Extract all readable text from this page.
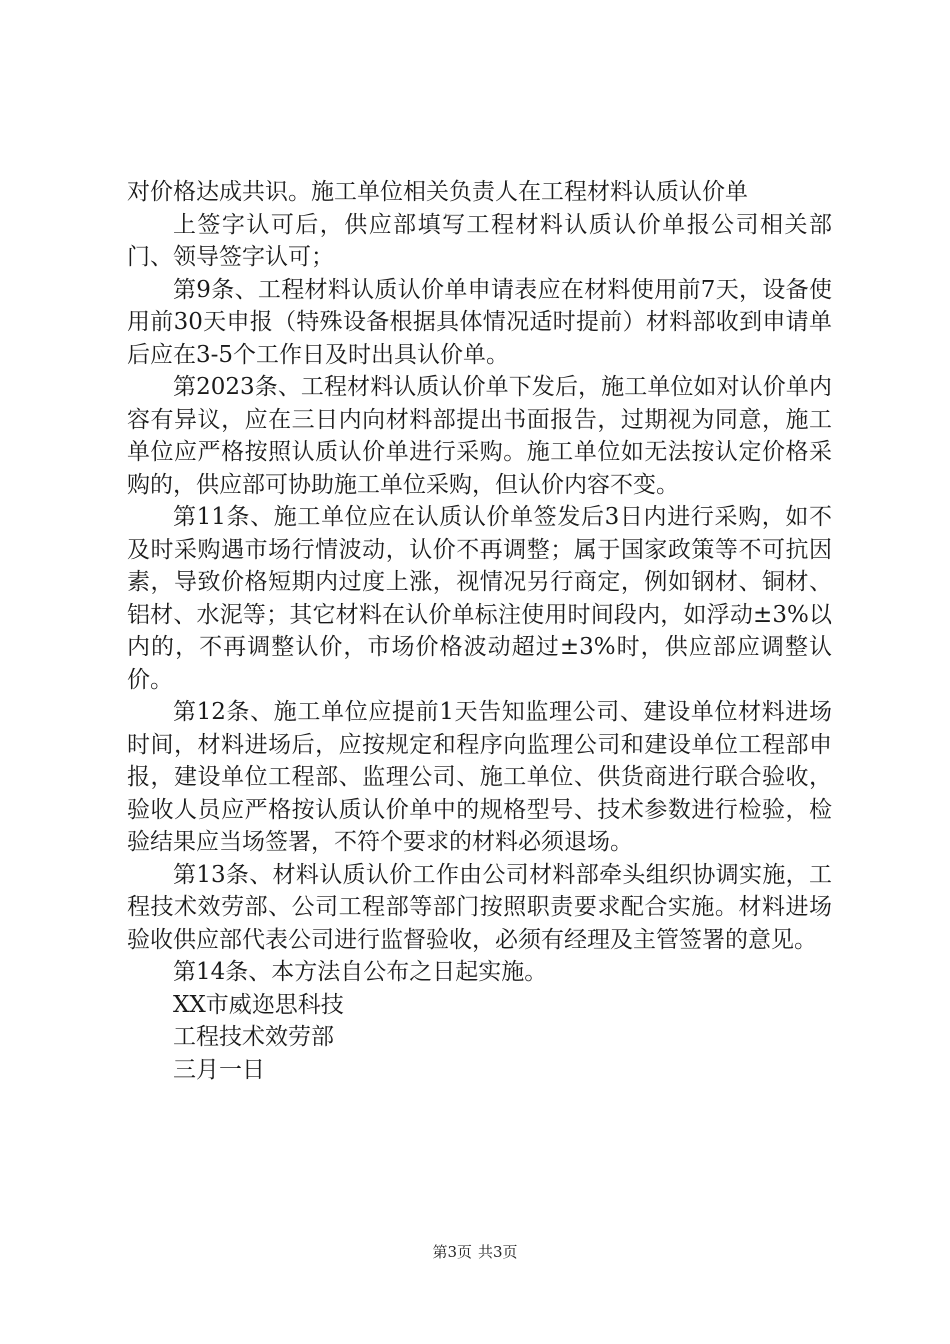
对价格达成共识。施工单位相关负责人在工程材料认质认价单

上签字认可后，供应部填写工程材料认质认价单报公司相关部门、领导签字认可；

第9条、工程材料认质认价单申请表应在材料使用前7天，设备使用前30天申报（特殊设备根据具体情况适时提前）材料部收到申请单后应在3-5个工作日及时出具认价单。

第2023条、工程材料认质认价单下发后，施工单位如对认价单内容有异议，应在三日内向材料部提出书面报告，过期视为同意，施工单位应严格按照认质认价单进行采购。施工单位如无法按认定价格采购的，供应部可协助施工单位采购，但认价内容不变。

第11条、施工单位应在认质认价单签发后3日内进行采购，如不及时采购遇市场行情波动，认价不再调整；属于国家政策等不可抗因素，导致价格短期内过度上涨，视情况另行商定，例如钢材、铜材、铝材、水泥等；其它材料在认价单标注使用时间段内，如浮动±3%以内的，不再调整认价，市场价格波动超过±3%时，供应部应调整认价。

第12条、施工单位应提前1天告知监理公司、建设单位材料进场时间，材料进场后，应按规定和程序向监理公司和建设单位工程部申报，建设单位工程部、监理公司、施工单位、供货商进行联合验收，验收人员应严格按认质认价单中的规格型号、技术参数进行检验，检验结果应当场签署，不符个要求的材料必须退场。

第13条、材料认质认价工作由公司材料部牵头组织协调实施，工程技术效劳部、公司工程部等部门按照职责要求配合实施。材料进场验收供应部代表公司进行监督验收，必须有经理及主管签署的意见。

第14条、本方法自公布之日起实施。

XX市威迩思科技

工程技术效劳部

三月一日

第3页 共3页
